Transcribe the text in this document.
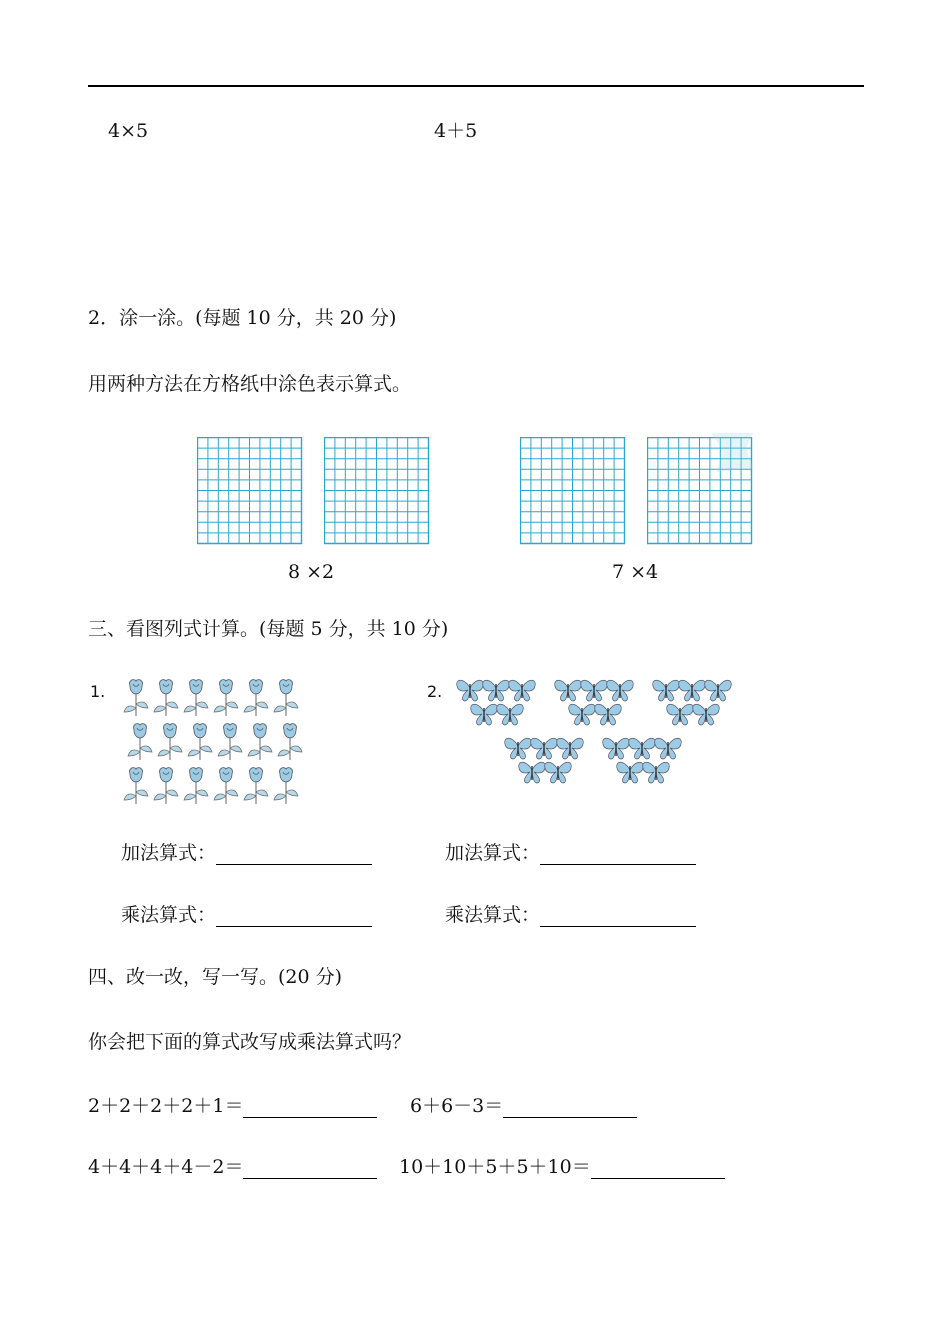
4×5	4＋5
2．涂一涂。(每题 10 分，共 20 分)
用两种方法在方格纸中涂色表示算式。
8 ×2	7 ×4
三、看图列式计算。(每题 5 分，共 10 分)
1.	2.
加法算式：	加法算式：
乘法算式：	乘法算式：
四、改一改，写一写。(20 分)
你会把下面的算式改写成乘法算式吗？
2＋2＋2＋2＋1＝	6＋6－3＝
4＋4＋4＋4－2＝	10＋10＋5＋5＋10＝
